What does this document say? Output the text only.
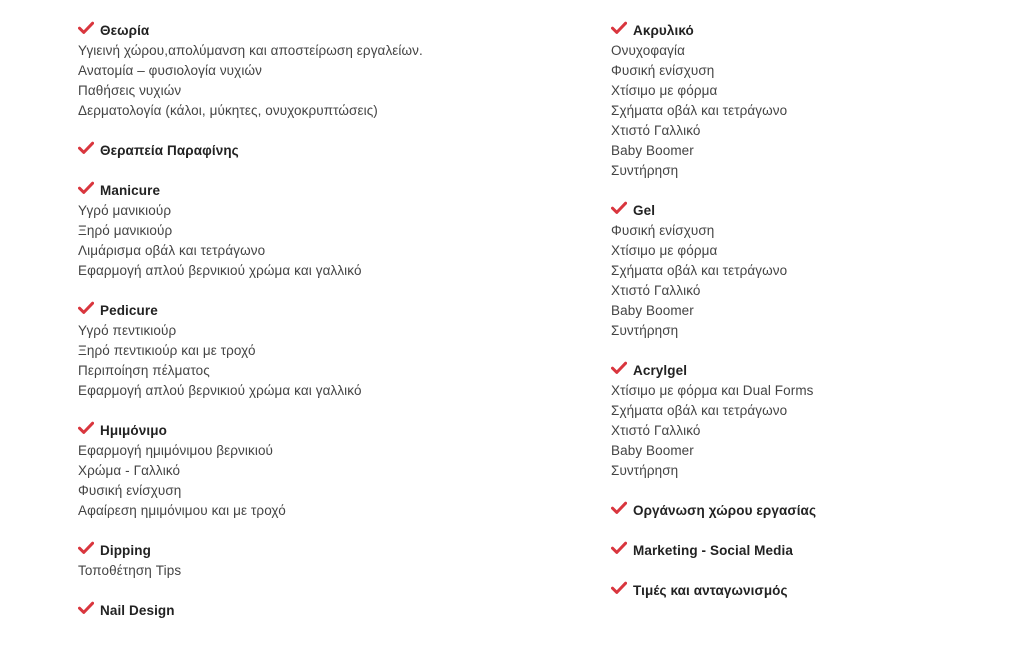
Θεωρία
Υγιεινή χώρου,απολύμανση και αποστείρωση εργαλείων.
Ανατομία – φυσιολογία νυχιών
Παθήσεις νυχιών
Δερματολογία (κάλοι, μύκητες, ονυχοκρυπτώσεις)
Θεραπεία Παραφίνης
Manicure
Υγρό μανικιούρ
Ξηρό μανικιούρ
Λιμάρισμα οβάλ και τετράγωνο
Εφαρμογή απλού βερνικιού χρώμα και γαλλικό
Pedicure
Υγρό πεντικιούρ
Ξηρό πεντικιούρ και με τροχό
Περιποίηση πέλματος
Εφαρμογή απλού βερνικιού χρώμα και γαλλικό
Ημιμόνιμο
Εφαρμογή ημιμόνιμου βερνικιού
Χρώμα - Γαλλικό
Φυσική ενίσχυση
Αφαίρεση ημιμόνιμου και με τροχό
Dipping
Τοποθέτηση Tips
Nail Design
Ακρυλικό
Ονυχοφαγία
Φυσική ενίσχυση
Χτίσιμο με φόρμα
Σχήματα οβάλ και τετράγωνο
Χτιστό Γαλλικό
Baby Boomer
Συντήρηση
Gel
Φυσική ενίσχυση
Χτίσιμο με φόρμα
Σχήματα οβάλ και τετράγωνο
Χτιστό Γαλλικό
Baby Boomer
Συντήρηση
Acrylgel
Χτίσιμο με φόρμα και Dual Forms
Σχήματα οβάλ και τετράγωνο
Χτιστό Γαλλικό
Baby Boomer
Συντήρηση
Οργάνωση χώρου εργασίας
Marketing - Social Media
Τιμές και ανταγωνισμός
